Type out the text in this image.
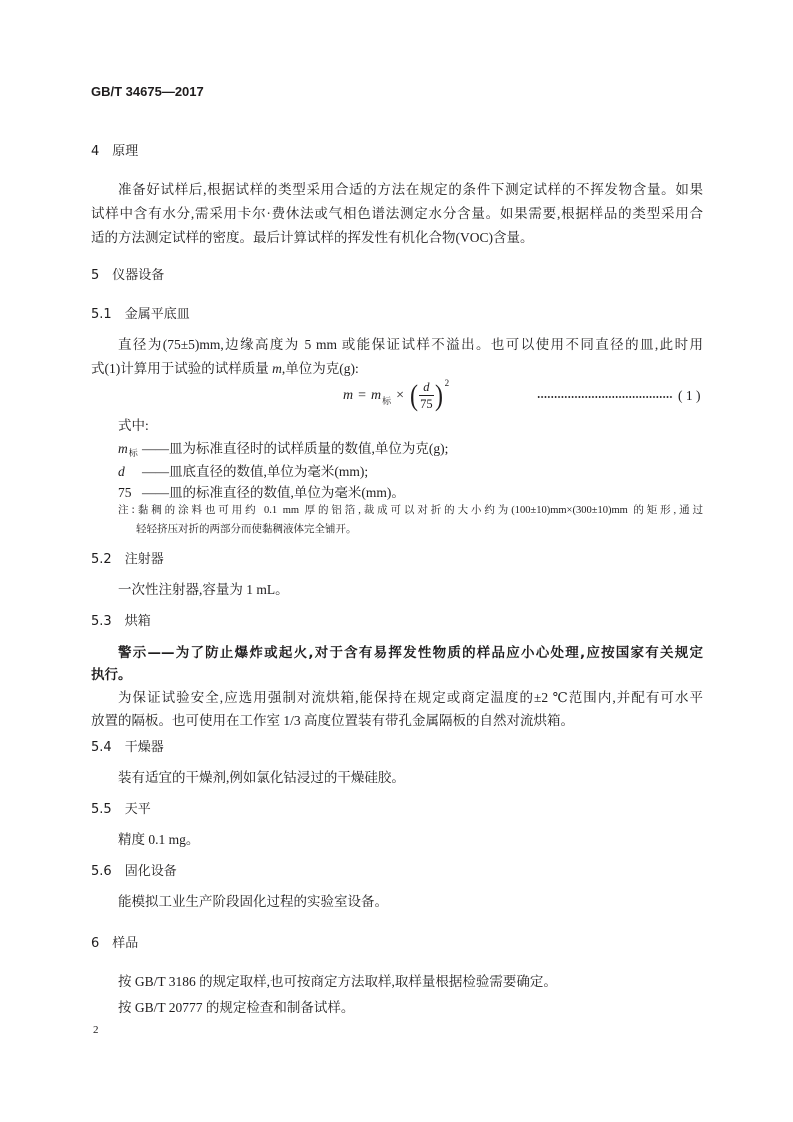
GB/T 34675—2017
4 原理
准备好试样后,根据试样的类型采用合适的方法在规定的条件下测定试样的不挥发物含量。如果
试样中含有水分,需采用卡尔·费休法或气相色谱法测定水分含量。如果需要,根据样品的类型采用合
适的方法测定试样的密度。最后计算试样的挥发性有机化合物(VOC)含量。
5 仪器设备
5.1 金属平底皿
直径为(75±5)mm,边缘高度为 5 mm 或能保证试样不溢出。也可以使用不同直径的皿,此时用
式(1)计算用于试验的试样质量 m,单位为克(g):
m = m 标 × ( $\frac{d}{75}$ ) 2
( 1 )
式中:
$m_标$ ——皿为标准直径时的试样质量的数值,单位为克(g);
d ——皿底直径的数值,单位为毫米(mm);
75 ——皿的标准直径的数值,单位为毫米(mm)。
注:黏稠的涂料也可用约 0.1 mm 厚的铝箔,裁成可以对折的大小约为(100±10)mm×(300±10)mm 的矩形,通过
轻轻挤压对折的两部分而使黏稠液体完全铺开。
5.2 注射器
一次性注射器,容量为 1 mL。
5.3 烘箱
警示——为了防止爆炸或起火,对于含有易挥发性物质的样品应小心处理,应按国家有关规定
执行。
为保证试验安全,应选用强制对流烘箱,能保持在规定或商定温度的±2 ℃范围内,并配有可水平
放置的隔板。也可使用在工作室 1/3 高度位置装有带孔金属隔板的自然对流烘箱。
5.4 干燥器
装有适宜的干燥剂,例如氯化钴浸过的干燥硅胶。
5.5 天平
精度 0.1 mg。
5.6 固化设备
能模拟工业生产阶段固化过程的实验室设备。
6 样品
按 GB/T 3186 的规定取样,也可按商定方法取样,取样量根据检验需要确定。
按 GB/T 20777 的规定检查和制备试样。
2
